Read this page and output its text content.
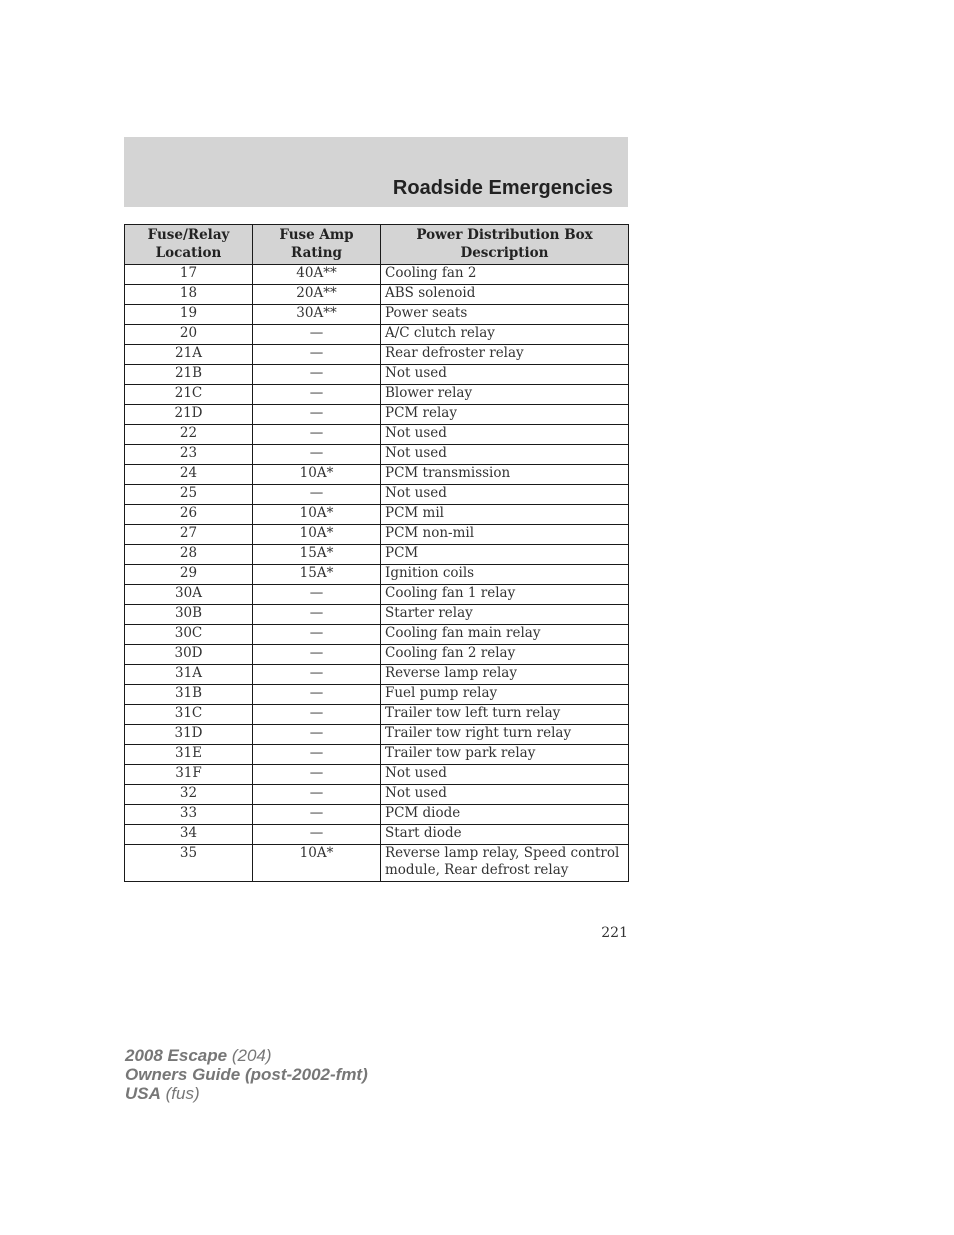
Roadside Emergencies
Fuse/Relay Location	Fuse Amp Rating	Power Distribution Box Description
17	40A**	Cooling fan 2
18	20A**	ABS solenoid
19	30A**	Power seats
20	—	A/C clutch relay
21A	—	Rear defroster relay
21B	—	Not used
21C	—	Blower relay
21D	—	PCM relay
22	—	Not used
23	—	Not used
24	10A*	PCM transmission
25	—	Not used
26	10A*	PCM mil
27	10A*	PCM non-mil
28	15A*	PCM
29	15A*	Ignition coils
30A	—	Cooling fan 1 relay
30B	—	Starter relay
30C	—	Cooling fan main relay
30D	—	Cooling fan 2 relay
31A	—	Reverse lamp relay
31B	—	Fuel pump relay
31C	—	Trailer tow left turn relay
31D	—	Trailer tow right turn relay
31E	—	Trailer tow park relay
31F	—	Not used
32	—	Not used
33	—	PCM diode
34	—	Start diode
35	10A*	Reverse lamp relay, Speed control module, Rear defrost relay
221
2008 Escape (204)
Owners Guide (post-2002-fmt)
USA (fus)
